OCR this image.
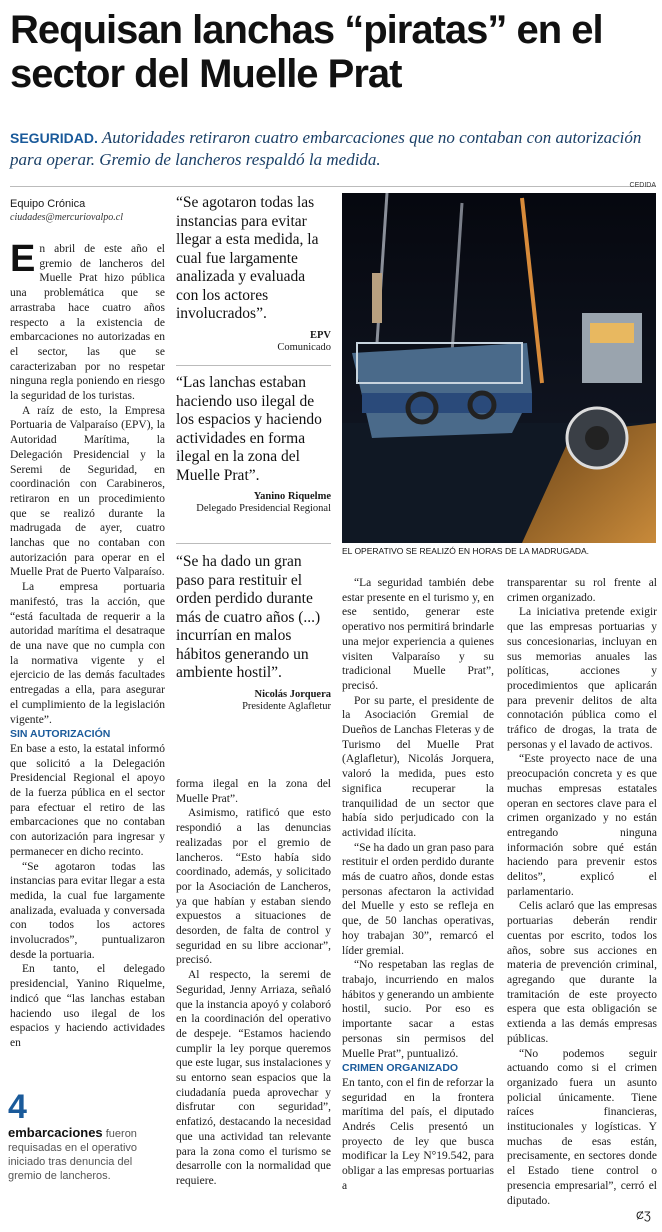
Requisan lanchas “piratas” en el sector del Muelle Prat
SEGURIDAD. Autoridades retiraron cuatro embarcaciones que no contaban con autorización para operar. Gremio de lancheros respaldó la medida.
Equipo Crónica
ciudades@mercuriovalpo.cl

En abril de este año el gremio de lancheros del Muelle Prat hizo pública una problemática que se arrastraba hace cuatro años respecto a la existencia de embarcaciones no autorizadas en el sector, las que se caracterizaban por no respetar ninguna regla poniendo en riesgo la seguridad de los turistas.

A raíz de esto, la Empresa Portuaria de Valparaíso (EPV), la Autoridad Marítima, la Delegación Presidencial y la Seremi de Seguridad, en coordinación con Carabineros, retiraron en un procedimiento que se realizó durante la madrugada de ayer, cuatro lanchas que no contaban con autorización para operar en el Muelle Prat de Puerto Valparaíso.

La empresa portuaria manifestó, tras la acción, que “está facultada de requerir a la autoridad marítima el desatraque de una nave que no cumpla con la normativa vigente y el ejercicio de las demás facultades entregadas a ella, para asegurar el cumplimiento de la legislación vigente”.

SIN AUTORIZACIÓN

En base a esto, la estatal informó que solicitó a la Delegación Presidencial Regional el apoyo de la fuerza pública en el sector para efectuar el retiro de las embarcaciones que no contaban con autorización para ingresar y permanecer en dicho recinto.

“Se agotaron todas las instancias para evitar llegar a esta medida, la cual fue largamente analizada, evaluada y conversada con todos los actores involucrados”, puntualizaron desde la portuaria.

En tanto, el delegado presidencial, Yanino Riquelme, indicó que “las lanchas estaban haciendo uso ilegal de los espacios y haciendo actividades en

“Se agotaron todas las instancias para evitar llegar a esta medida, la cual fue largamente analizada y evaluada con los actores involucrados”.
EPV
Comunicado
“Las lanchas estaban haciendo uso ilegal de los espacios y haciendo actividades en forma ilegal en la zona del Muelle Prat”.
Yanino Riquelme
Delegado Presidencial Regional
“Se ha dado un gran paso para restituir el orden perdido durante más de cuatro años (...) incurrían en malos hábitos generando un ambiente hostil”.
Nicolás Jorquera
Presidente Aglafletur

forma ilegal en la zona del Muelle Prat”.

Asimismo, ratificó que esto respondió a las denuncias realizadas por el gremio de lancheros. “Esto había sido coordinado, además, y solicitado por la Asociación de Lancheros, ya que habían y estaban siendo expuestos a situaciones de desorden, de falta de control y seguridad en su libre accionar”, precisó.

Al respecto, la seremi de Seguridad, Jenny Arriaza, señaló que la instancia apoyó y colaboró en la coordinación del operativo de despeje. “Estamos haciendo cumplir la ley porque queremos que este lugar, sus instalaciones y su entorno sean espacios que la ciudadanía pueda aprovechar y disfrutar con seguridad”, enfatizó, destacando la necesidad que una actividad tan relevante para la zona como el turismo se desarrolle con la normalidad que requiere.

CEDIDA
EL OPERATIVO SE REALIZÓ EN HORAS DE LA MADRUGADA.

“La seguridad también debe estar presente en el turismo y, en ese sentido, generar este operativo nos permitirá brindarle una mejor experiencia a quienes visiten Valparaíso y su tradicional Muelle Prat”, precisó.

Por su parte, el presidente de la Asociación Gremial de Dueños de Lanchas Fleteras y de Turismo del Muelle Prat (Aglafletur), Nicolás Jorquera, valoró la medida, pues esto significa recuperar la tranquilidad de un sector que había sido perjudicado con la actividad ilícita.

“Se ha dado un gran paso para restituir el orden perdido durante más de cuatro años, donde estas personas afectaron la actividad del Muelle y esto se refleja en que, de 50 lanchas operativas, hoy trabajan 30”, remarcó el líder gremial.

“No respetaban las reglas de trabajo, incurriendo en malos hábitos y generando un ambiente hostil, sucio. Por eso es importante sacar a estas personas sin permisos del Muelle Prat”, puntualizó.

CRIMEN ORGANIZADO

En tanto, con el fin de reforzar la seguridad en la frontera marítima del país, el diputado Andrés Celis presentó un proyecto de ley que busca modificar la Ley N°19.542, para obligar a las empresas portuarias a

transparentar su rol frente al crimen organizado.

La iniciativa pretende exigir que las empresas portuarias y sus concesionarias, incluyan en sus memorias anuales las políticas, acciones y procedimientos que aplicarán para prevenir delitos de alta connotación pública como el tráfico de drogas, la trata de personas y el lavado de activos.

“Este proyecto nace de una preocupación concreta y es que muchas empresas estatales operan en sectores clave para el crimen organizado y no están entregando ninguna información sobre qué están haciendo para prevenir estos delitos”, explicó el parlamentario.

Celis aclaró que las empresas portuarias deberán rendir cuentas por escrito, todos los años, sobre sus acciones en materia de prevención criminal, agregando que durante la tramitación de este proyecto espera que esta obligación se extienda a las demás empresas públicas.

“No podemos seguir actuando como si el crimen organizado fuera un asunto policial únicamente. Tiene raíces financieras, institucionales y logísticas. Y muchas de esas están, precisamente, en sectores donde el Estado tiene control o presencia empresarial”, cerró el diputado.

4
embarcaciones fueron requisadas en el operativo iniciado tras denuncia del gremio de lancheros.
ȻƷ
